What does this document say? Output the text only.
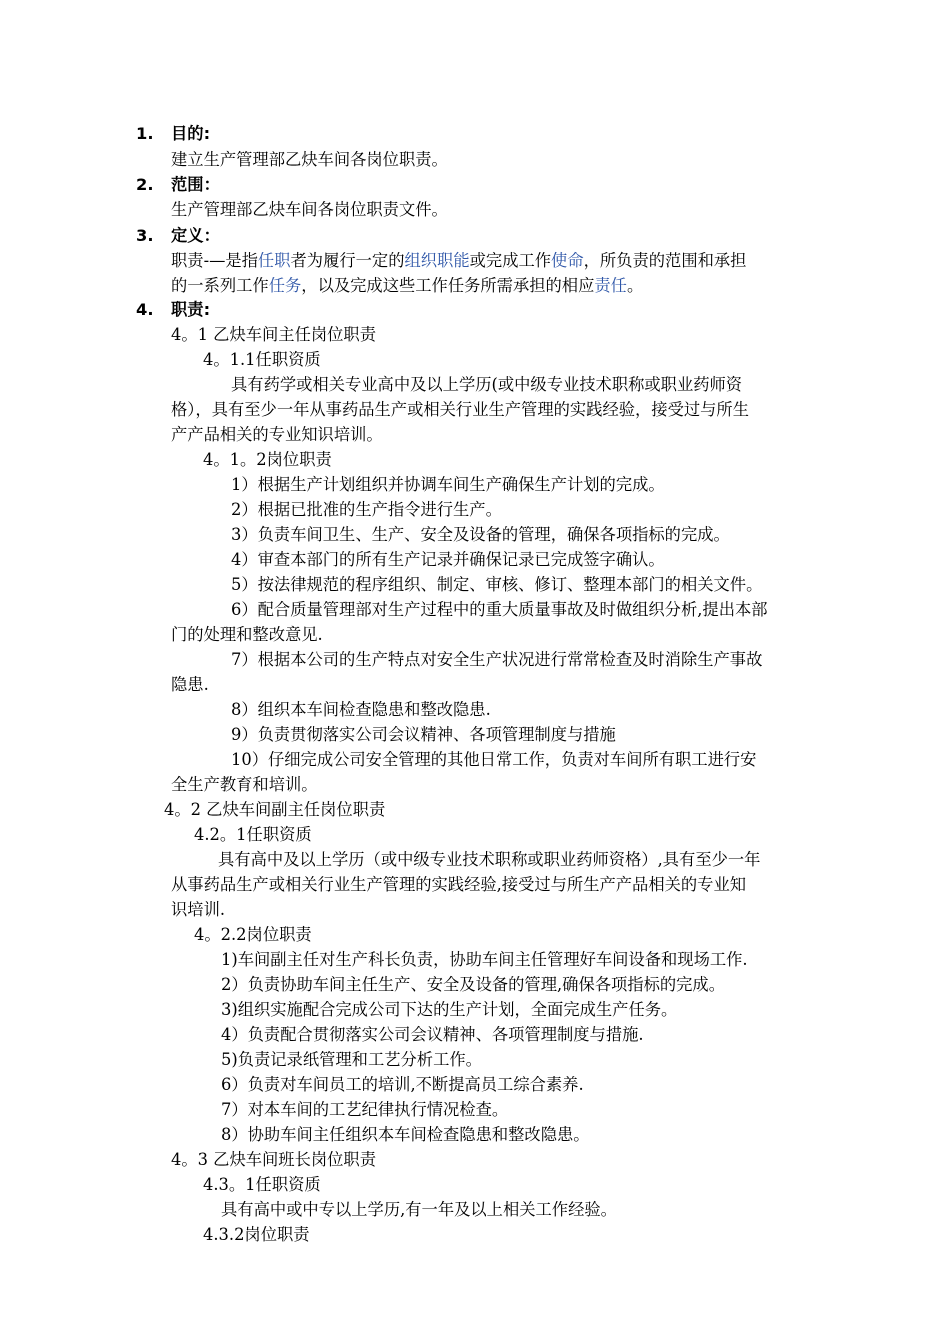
1. 目的:
建立生产管理部乙炔车间各岗位职责。
2. 范围：
生产管理部乙炔车间各岗位职责文件。
3. 定义：
职责-—是指任职者为履行一定的组织职能或完成工作使命，所负责的范围和承担
的一系列工作任务，以及完成这些工作任务所需承担的相应责任。
4. 职责:
4。1 乙炔车间主任岗位职责
4。1.1任职资质
具有药学或相关专业高中及以上学历(或中级专业技术职称或职业药师资
格），具有至少一年从事药品生产或相关行业生产管理的实践经验，接受过与所生
产产品相关的专业知识培训。
4。1。2岗位职责
1）根据生产计划组织并协调车间生产确保生产计划的完成。
2）根据已批准的生产指令进行生产。
3）负责车间卫生、生产、安全及设备的管理，确保各项指标的完成。
4）审查本部门的所有生产记录并确保记录已完成签字确认。
5）按法律规范的程序组织、制定、审核、修订、整理本部门的相关文件。
6）配合质量管理部对生产过程中的重大质量事故及时做组织分析,提出本部
门的处理和整改意见.
7）根据本公司的生产特点对安全生产状况进行常常检查及时消除生产事故
隐患.
8）组织本车间检查隐患和整改隐患.
9）负责贯彻落实公司会议精神、各项管理制度与措施
10）仔细完成公司安全管理的其他日常工作，负责对车间所有职工进行安
全生产教育和培训。
4。2 乙炔车间副主任岗位职责
4.2。1任职资质
具有高中及以上学历（或中级专业技术职称或职业药师资格）,具有至少一年
从事药品生产或相关行业生产管理的实践经验,接受过与所生产产品相关的专业知
识培训.
4。2.2岗位职责
1)车间副主任对生产科长负责，协助车间主任管理好车间设备和现场工作.
2）负责协助车间主任生产、安全及设备的管理,确保各项指标的完成。
3)组织实施配合完成公司下达的生产计划，全面完成生产任务。
4）负责配合贯彻落实公司会议精神、各项管理制度与措施.
5)负责记录纸管理和工艺分析工作。
6）负责对车间员工的培训,不断提高员工综合素养.
7）对本车间的工艺纪律执行情况检查。
8）协助车间主任组织本车间检查隐患和整改隐患。
4。3 乙炔车间班长岗位职责
4.3。1任职资质
具有高中或中专以上学历,有一年及以上相关工作经验。
4.3.2岗位职责
